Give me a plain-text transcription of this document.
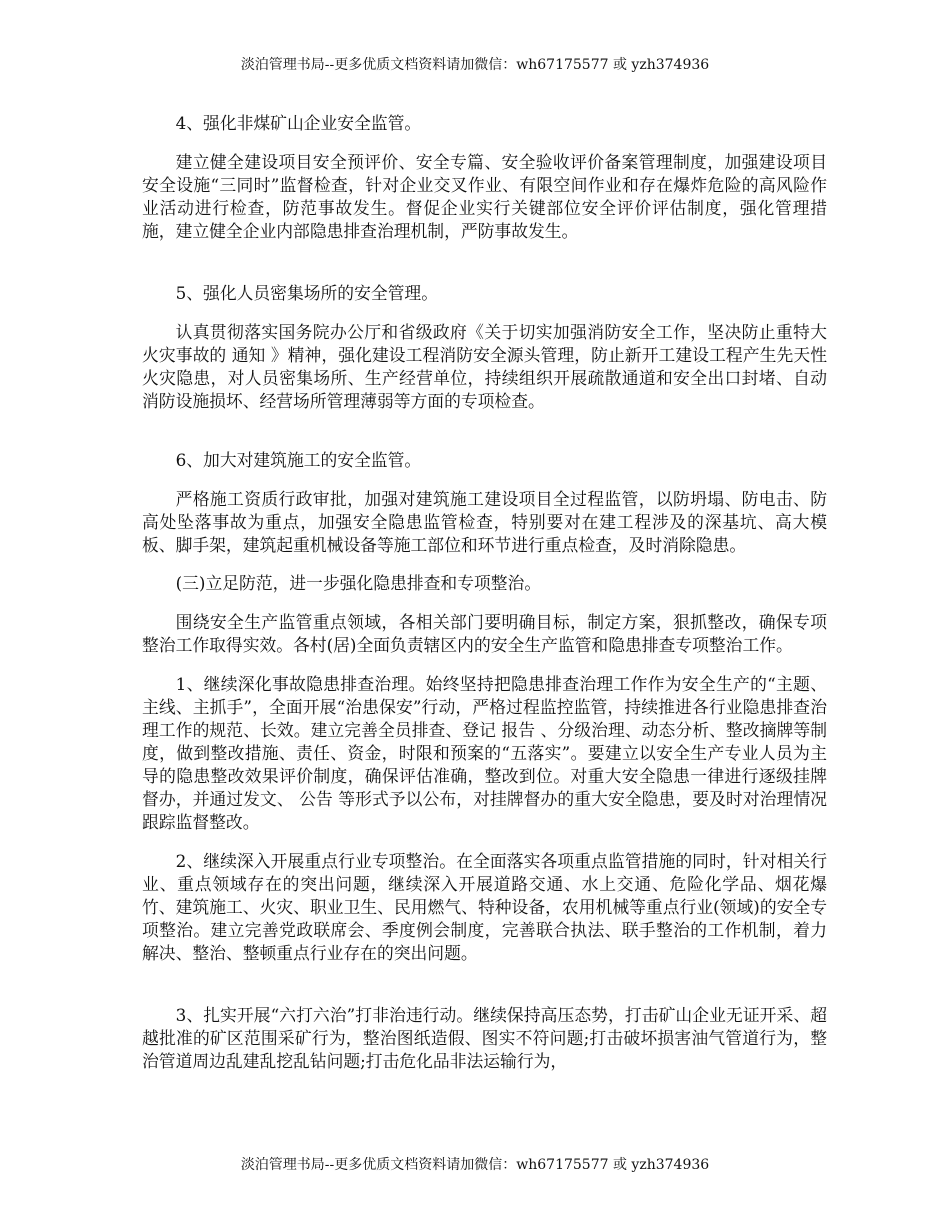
淡泊管理书局--更多优质文档资料请加微信：wh67175577 或 yzh374936

4、强化非煤矿山企业安全监管。

建立健全建设项目安全预评价、安全专篇、安全验收评价备案管理制度，加强建设项目安全设施“三同时”监督检查，针对企业交叉作业、有限空间作业和存在爆炸危险的高风险作业活动进行检查，防范事故发生。督促企业实行关键部位安全评价评估制度，强化管理措施，建立健全企业内部隐患排查治理机制，严防事故发生。

5、强化人员密集场所的安全管理。

认真贯彻落实国务院办公厅和省级政府《关于切实加强消防安全工作，坚决防止重特大火灾事故的 通知 》精神，强化建设工程消防安全源头管理，防止新开工建设工程产生先天性火灾隐患，对人员密集场所、生产经营单位，持续组织开展疏散通道和安全出口封堵、自动消防设施损坏、经营场所管理薄弱等方面的专项检查。

6、加大对建筑施工的安全监管。

严格施工资质行政审批，加强对建筑施工建设项目全过程监管，以防坍塌、防电击、防高处坠落事故为重点，加强安全隐患监管检查，特别要对在建工程涉及的深基坑、高大模板、脚手架，建筑起重机械设备等施工部位和环节进行重点检查，及时消除隐患。

(三)立足防范，进一步强化隐患排查和专项整治。

围绕安全生产监管重点领域，各相关部门要明确目标，制定方案，狠抓整改，确保专项整治工作取得实效。各村(居)全面负责辖区内的安全生产监管和隐患排查专项整治工作。

1、继续深化事故隐患排查治理。始终坚持把隐患排查治理工作作为安全生产的“主题、主线、主抓手”，全面开展“治患保安”行动，严格过程监控监管，持续推进各行业隐患排查治理工作的规范、长效。建立完善全员排查、登记 报告 、分级治理、动态分析、整改摘牌等制度，做到整改措施、责任、资金，时限和预案的“五落实”。要建立以安全生产专业人员为主导的隐患整改效果评价制度，确保评估准确，整改到位。对重大安全隐患一律进行逐级挂牌督办，并通过发文、 公告 等形式予以公布，对挂牌督办的重大安全隐患，要及时对治理情况跟踪监督整改。

2、继续深入开展重点行业专项整治。在全面落实各项重点监管措施的同时，针对相关行业、重点领域存在的突出问题，继续深入开展道路交通、水上交通、危险化学品、烟花爆竹、建筑施工、火灾、职业卫生、民用燃气、特种设备，农用机械等重点行业(领域)的安全专项整治。建立完善党政联席会、季度例会制度，完善联合执法、联手整治的工作机制，着力解决、整治、整顿重点行业存在的突出问题。

3、扎实开展“六打六治”打非治违行动。继续保持高压态势，打击矿山企业无证开采、超越批准的矿区范围采矿行为，整治图纸造假、图实不符问题;打击破坏损害油气管道行为，整治管道周边乱建乱挖乱钻问题;打击危化品非法运输行为，

淡泊管理书局--更多优质文档资料请加微信：wh67175577 或 yzh374936
